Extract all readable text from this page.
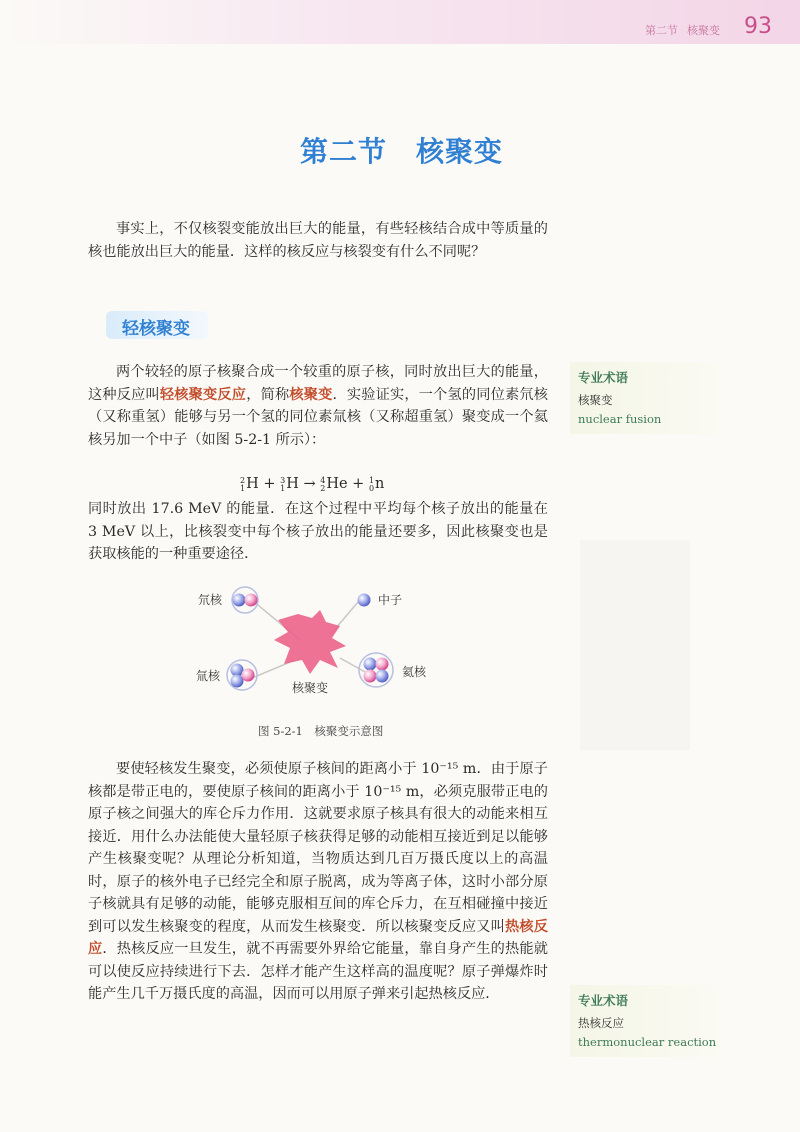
第二节 核聚变 93
第二节　核聚变

事实上，不仅核裂变能放出巨大的能量，有些轻核结合成中等质量的核也能放出巨大的能量．这样的核反应与核裂变有什么不同呢？

轻核聚变

两个较轻的原子核聚合成一个较重的原子核，同时放出巨大的能量，这种反应叫轻核聚变反应，简称核聚变．实验证实，一个氢的同位素氘核（又称重氢）能够与另一个氢的同位素氚核（又称超重氢）聚变成一个氦核另加一个中子（如图 5-2-1 所示）：

2
1 H + 3
1 H → 4
2 He + 1
0 n

同时放出 17.6 MeV 的能量．在这个过程中平均每个核子放出的能量在 3 MeV 以上，比核裂变中每个核子放出的能量还要多，因此核聚变也是获取核能的一种重要途径．

氘核	中子
氚核	氦核
核聚变
图 5-2-1　核聚变示意图

要使轻核发生聚变，必须使原子核间的距离小于 10⁻¹⁵ m．由于原子核都是带正电的，要使原子核间的距离小于 10⁻¹⁵ m，必须克服带正电的原子核之间强大的库仑斥力作用．这就要求原子核具有很大的动能来相互接近．用什么办法能使大量轻原子核获得足够的动能相互接近到足以能够产生核聚变呢？从理论分析知道，当物质达到几百万摄氏度以上的高温时，原子的核外电子已经完全和原子脱离，成为等离子体，这时小部分原子核就具有足够的动能，能够克服相互间的库仑斥力，在互相碰撞中接近到可以发生核聚变的程度，从而发生核聚变．所以核聚变反应又叫热核反应．热核反应一旦发生，就不再需要外界给它能量，靠自身产生的热能就可以使反应持续进行下去．怎样才能产生这样高的温度呢？原子弹爆炸时能产生几千万摄氏度的高温，因而可以用原子弹来引起热核反应．

专业术语
核聚变
nuclear fusion
专业术语
热核反应
thermonuclear reaction
